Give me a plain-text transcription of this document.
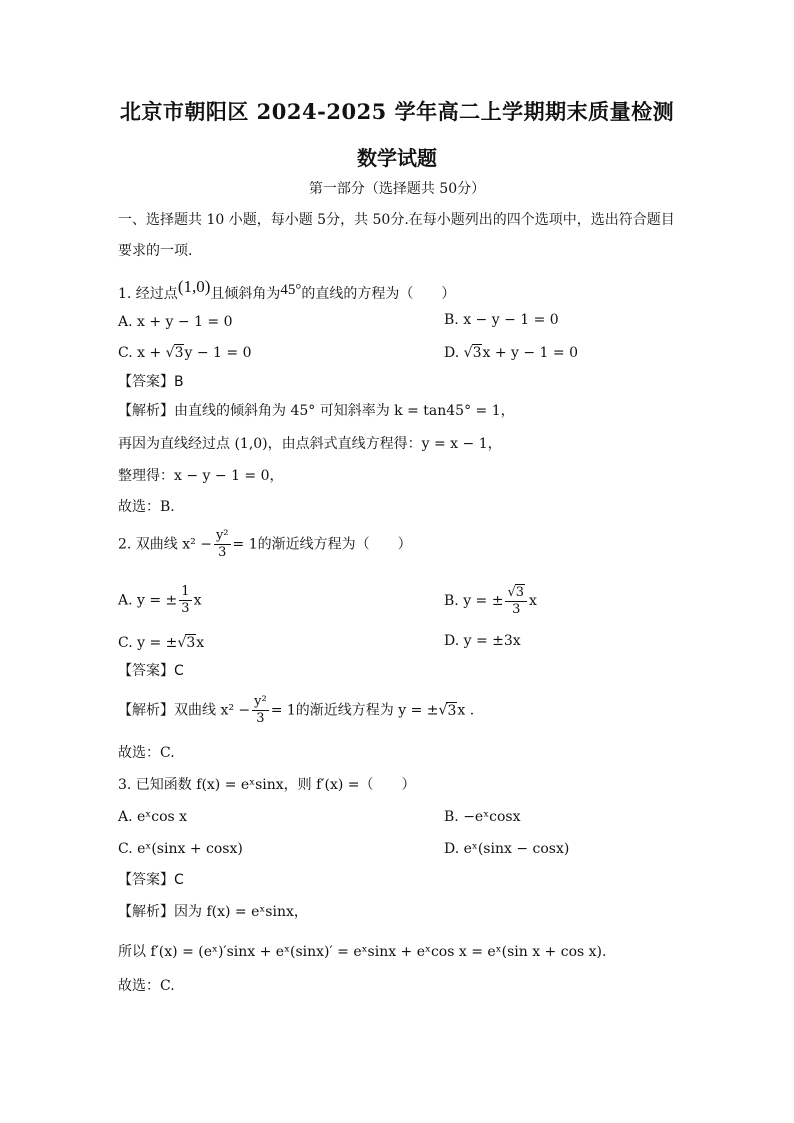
北京市朝阳区 2024-2025 学年高二上学期期末质量检测
数学试题
第一部分（选择题共 50分）
一、选择题共 10 小题，每小题 5分，共 50分.在每小题列出的四个选项中，选出符合题目
要求的一项.
1. 经过点(1,0)且倾斜角为45°的直线的方程为（　　）
A. x + y − 1 = 0	B. x − y − 1 = 0
C. x + √3y − 1 = 0	D. √3x + y − 1 = 0
【答案】B
【解析】由直线的倾斜角为 45° 可知斜率为 k = tan45° = 1，
再因为直线经过点 (1,0)，由点斜式直线方程得：y = x − 1，
整理得：x − y − 1 = 0，
故选：B.
2. 双曲线 $x^2 - \frac{\text{y²}}{3} = 1$的渐近线方程为（　　）
A. y = ± $\frac{1}{3}$ x	B. y = ± $\frac{√3}{3}$ x
C. y = ±√3x	D. y = ±3x
【答案】C
【解析】双曲线 $x^2 - \frac{\text{y²}}{3} = 1$的渐近线方程为 y = ±√3x .
故选：C.
3. 已知函数 f(x) = eˣsinx，则 f′(x) =（　　）
A. eˣcos x	B. −eˣcosx
C. eˣ(sinx + cosx)	D. eˣ(sinx − cosx)
【答案】C
【解析】因为 f(x) = eˣsinx，
所以 f′(x) = (eˣ)′sinx + eˣ(sinx)′ = eˣsinx + eˣcos x = eˣ(sin x + cos x).
故选：C.
